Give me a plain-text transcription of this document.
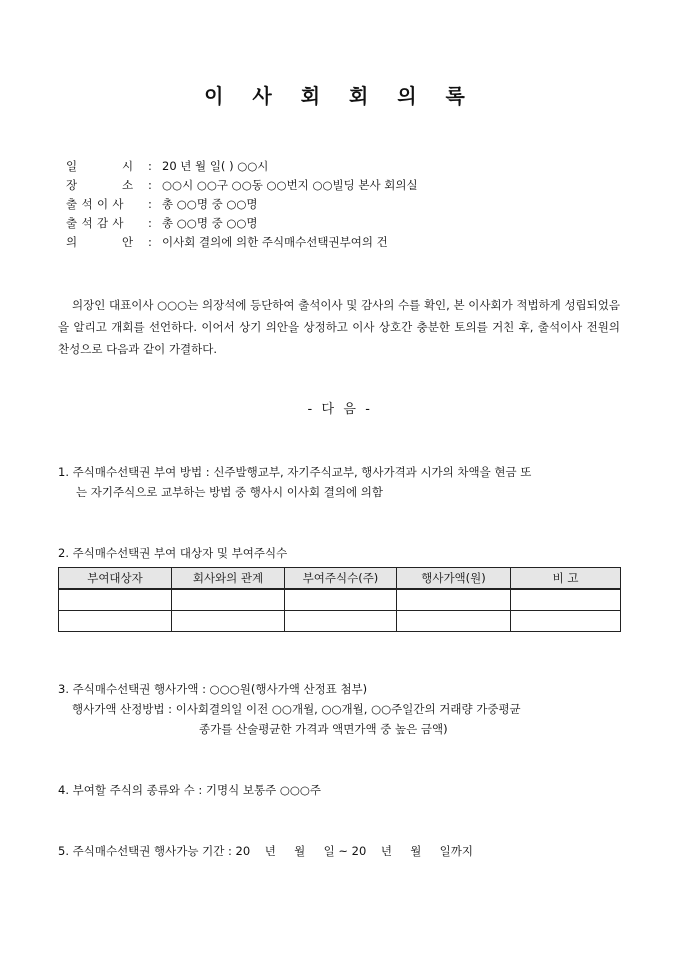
이 사 회 회 의 록
일	시	: 20 년 월 일( ) ○○시
장	소	: ○○시 ○○구 ○○동 ○○번지 ○○빌딩 본사 회의실
출석이사	: 총 ○○명 중 ○○명
출석감사	: 총 ○○명 중 ○○명
의	안	: 이사회 결의에 의한 주식매수선택권부여의 건
의장인 대표이사 ○○○는 의장석에 등단하여 출석이사 및 감사의 수를 확인, 본 이사회가 적법하게 성립되었음을 알리고 개회를 선언하다. 이어서 상기 의안을 상정하고 이사 상호간 충분한 토의를 거친 후, 출석이사 전원의 찬성으로 다음과 같이 가결하다.
- 다 음 -

1. 주식매수선택권 부여 방법 : 신주발행교부, 자기주식교부, 행사가격과 시가의 차액을 현금 또

는 자기주식으로 교부하는 방법 중 행사시 이사회 결의에 의함

2. 주식매수선택권 부여 대상자 및 부여주식수

부여대상자	회사와의 관계	부여주식수(주)	행사가액(원)	비 고

3. 주식매수선택권 행사가액 : ○○○원(행사가액 산정표 첨부)

행사가액 산정방법 : 이사회결의일 이전 ○○개월, ○○개월, ○○주일간의 거래량 가중평균

종가를 산술평균한 가격과 액면가액 중 높은 금액)

4. 부여할 주식의 종류와 수 : 기명식 보통주 ○○○주

5. 주식매수선택권 행사가능 기간 : 20    년     월     일 ~ 20    년     월     일까지
